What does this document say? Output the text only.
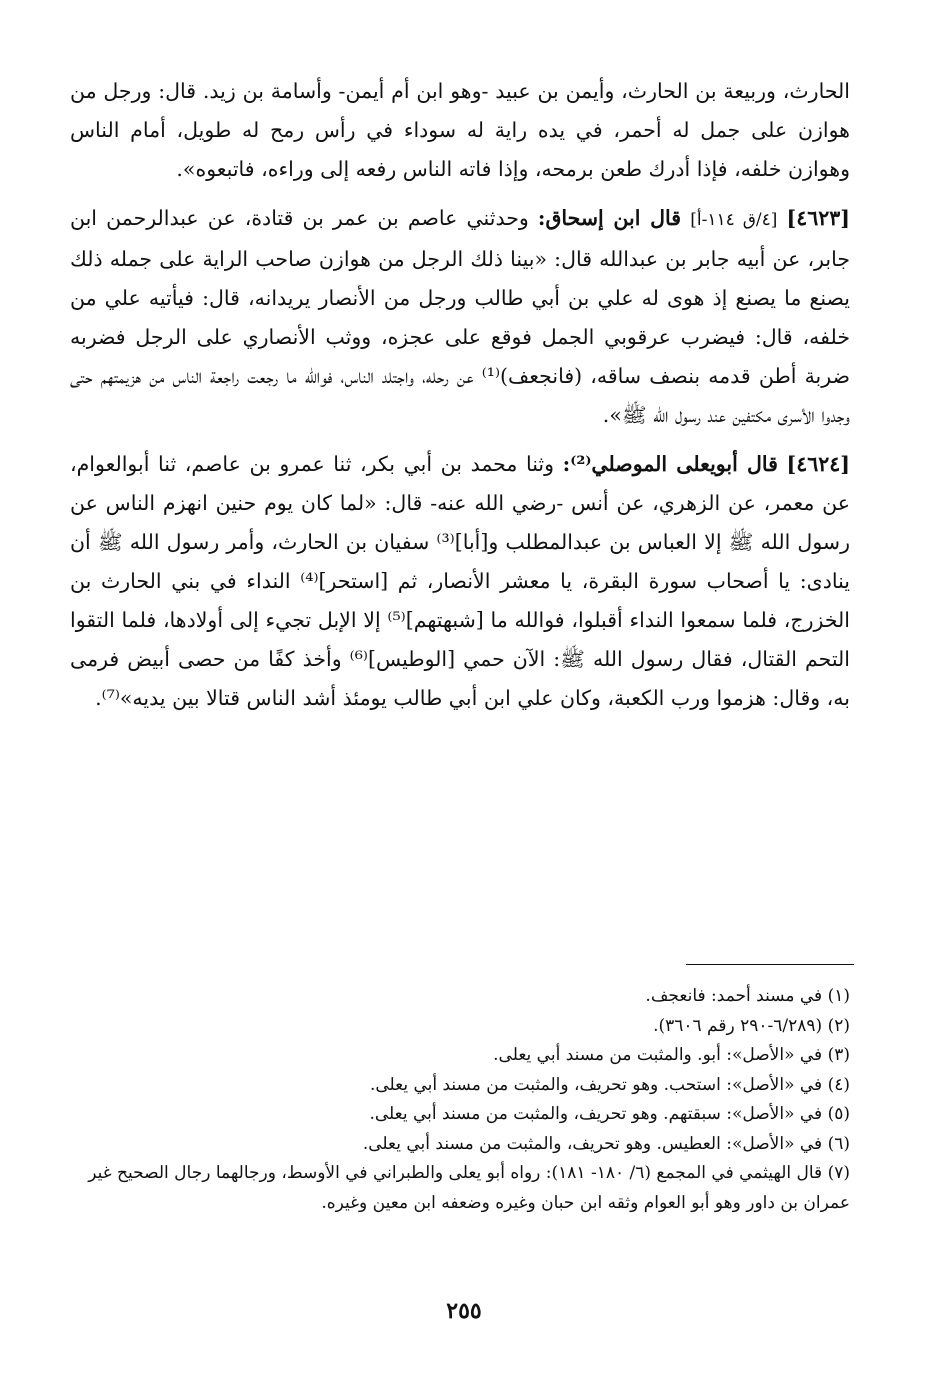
الحارث، وربيعة بن الحارث، وأيمن بن عبيد -وهو ابن أم أيمن- وأسامة بن زيد. قال: ورجل من هوازن على جمل له أحمر، في يده راية له سوداء في رأس رمح له طويل، أمام الناس وهوازن خلفه، فإذا أدرك طعن برمحه، وإذا فاته الناس رفعه إلى وراءه، فاتبعوه».

[٤٦٢٣] [٤/ق ١١٤-أ] قال ابن إسحاق: وحدثني عاصم بن عمر بن قتادة، عن عبدالرحمن ابن جابر، عن أبيه جابر بن عبدالله قال: «بينا ذلك الرجل من هوازن صاحب الراية على جمله ذلك يصنع ما يصنع إذ هوى له علي بن أبي طالب ورجل من الأنصار يريدانه، قال: فيأتيه علي من خلفه، قال: فيضرب عرقوبي الجمل فوقع على عجزه، ووثب الأنصاري على الرجل فضربه ضربة أطن قدمه بنصف ساقه، (فانجعف)⁽¹⁾ عن رحله، واجتلد الناس، فوالله ما رجعت راجعة الناس من هزيمتهم حتى وجدوا الأسرى مكتفين عند رسول الله ﷺ».

[٤٦٢٤] قال أبويعلى الموصلي⁽²⁾: وثنا محمد بن أبي بكر، ثنا عمرو بن عاصم، ثنا أبوالعوام، عن معمر، عن الزهري، عن أنس -رضي الله عنه- قال: «لما كان يوم حنين انهزم الناس عن رسول الله ﷺ إلا العباس بن عبدالمطلب و[أبا]⁽³⁾ سفيان بن الحارث، وأمر رسول الله ﷺ أن ينادى: يا أصحاب سورة البقرة، يا معشر الأنصار، ثم [استحر]⁽⁴⁾ النداء في بني الحارث بن الخزرج، فلما سمعوا النداء أقبلوا، فوالله ما [شبهتهم]⁽⁵⁾ إلا الإبل تجيء إلى أولادها، فلما التقوا التحم القتال، فقال رسول الله ﷺ: الآن حمي [الوطيس]⁽⁶⁾ وأخذ كفًا من حصى أبيض فرمى به، وقال: هزموا ورب الكعبة، وكان علي ابن أبي طالب يومئذ أشد الناس قتالا بين يديه»⁽⁷⁾.

(١) في مسند أحمد: فانعجف.
(٢) (٦/٢٨٩-٢٩٠ رقم ٣٦٠٦).
(٣) في «الأصل»: أبو. والمثبت من مسند أبي يعلى.
(٤) في «الأصل»: استحب. وهو تحريف، والمثبت من مسند أبي يعلى.
(٥) في «الأصل»: سبقتهم. وهو تحريف، والمثبت من مسند أبي يعلى.
(٦) في «الأصل»: العطيس. وهو تحريف، والمثبت من مسند أبي يعلى.
(٧) قال الهيثمي في المجمع (٦/ ١٨٠- ١٨١): رواه أبو يعلى والطبراني في الأوسط، ورجالهما رجال الصحيح غير عمران بن داور وهو أبو العوام وثقه ابن حبان وغيره وضعفه ابن معين وغيره.
٢٥٥
